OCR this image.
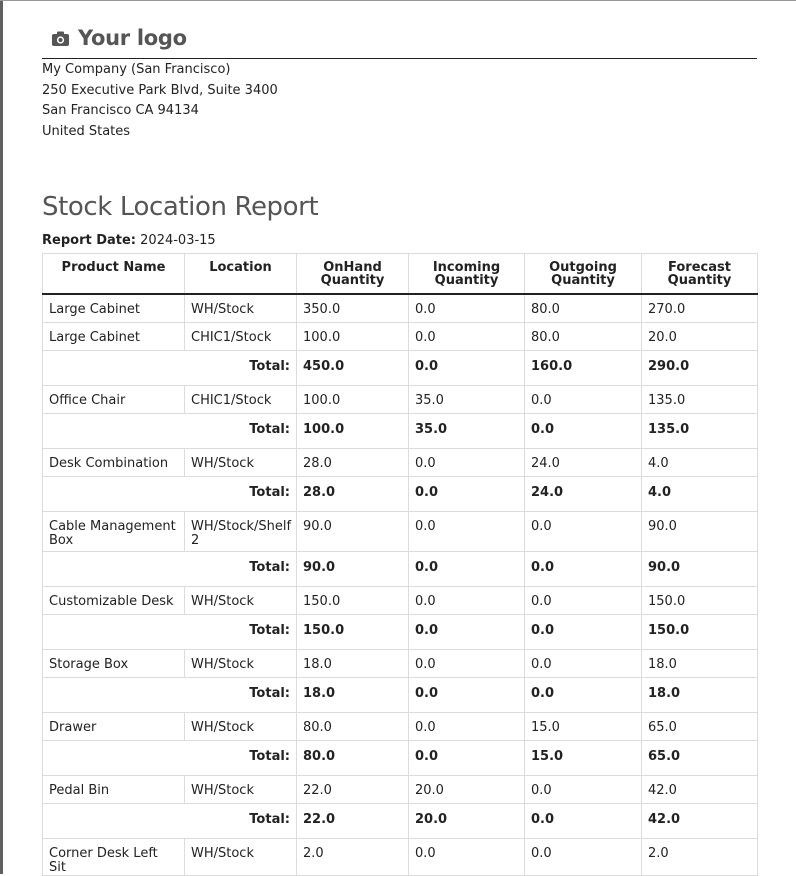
Your logo
My Company (San Francisco)
250 Executive Park Blvd, Suite 3400
San Francisco CA 94134
United States
Stock Location Report
Report Date: 2024-03-15
Product Name	Location	OnHand Quantity	Incoming Quantity	Outgoing Quantity	Forecast Quantity
Large Cabinet	WH/Stock	350.0	0.0	80.0	270.0
Large Cabinet	CHIC1/Stock	100.0	0.0	80.0	20.0
Total:		450.0	0.0	160.0	290.0
Office Chair	CHIC1/Stock	100.0	35.0	0.0	135.0
Total:		100.0	35.0	0.0	135.0
Desk Combination	WH/Stock	28.0	0.0	24.0	4.0
Total:		28.0	0.0	24.0	4.0
Cable Management Box	WH/Stock/Shelf 2	90.0	0.0	0.0	90.0
Total:		90.0	0.0	0.0	90.0
Customizable Desk	WH/Stock	150.0	0.0	0.0	150.0
Total:		150.0	0.0	0.0	150.0
Storage Box	WH/Stock	18.0	0.0	0.0	18.0
Total:		18.0	0.0	0.0	18.0
Drawer	WH/Stock	80.0	0.0	15.0	65.0
Total:		80.0	0.0	15.0	65.0
Pedal Bin	WH/Stock	22.0	20.0	0.0	42.0
Total:		22.0	20.0	0.0	42.0
Corner Desk Left Sit	WH/Stock	2.0	0.0	0.0	2.0
